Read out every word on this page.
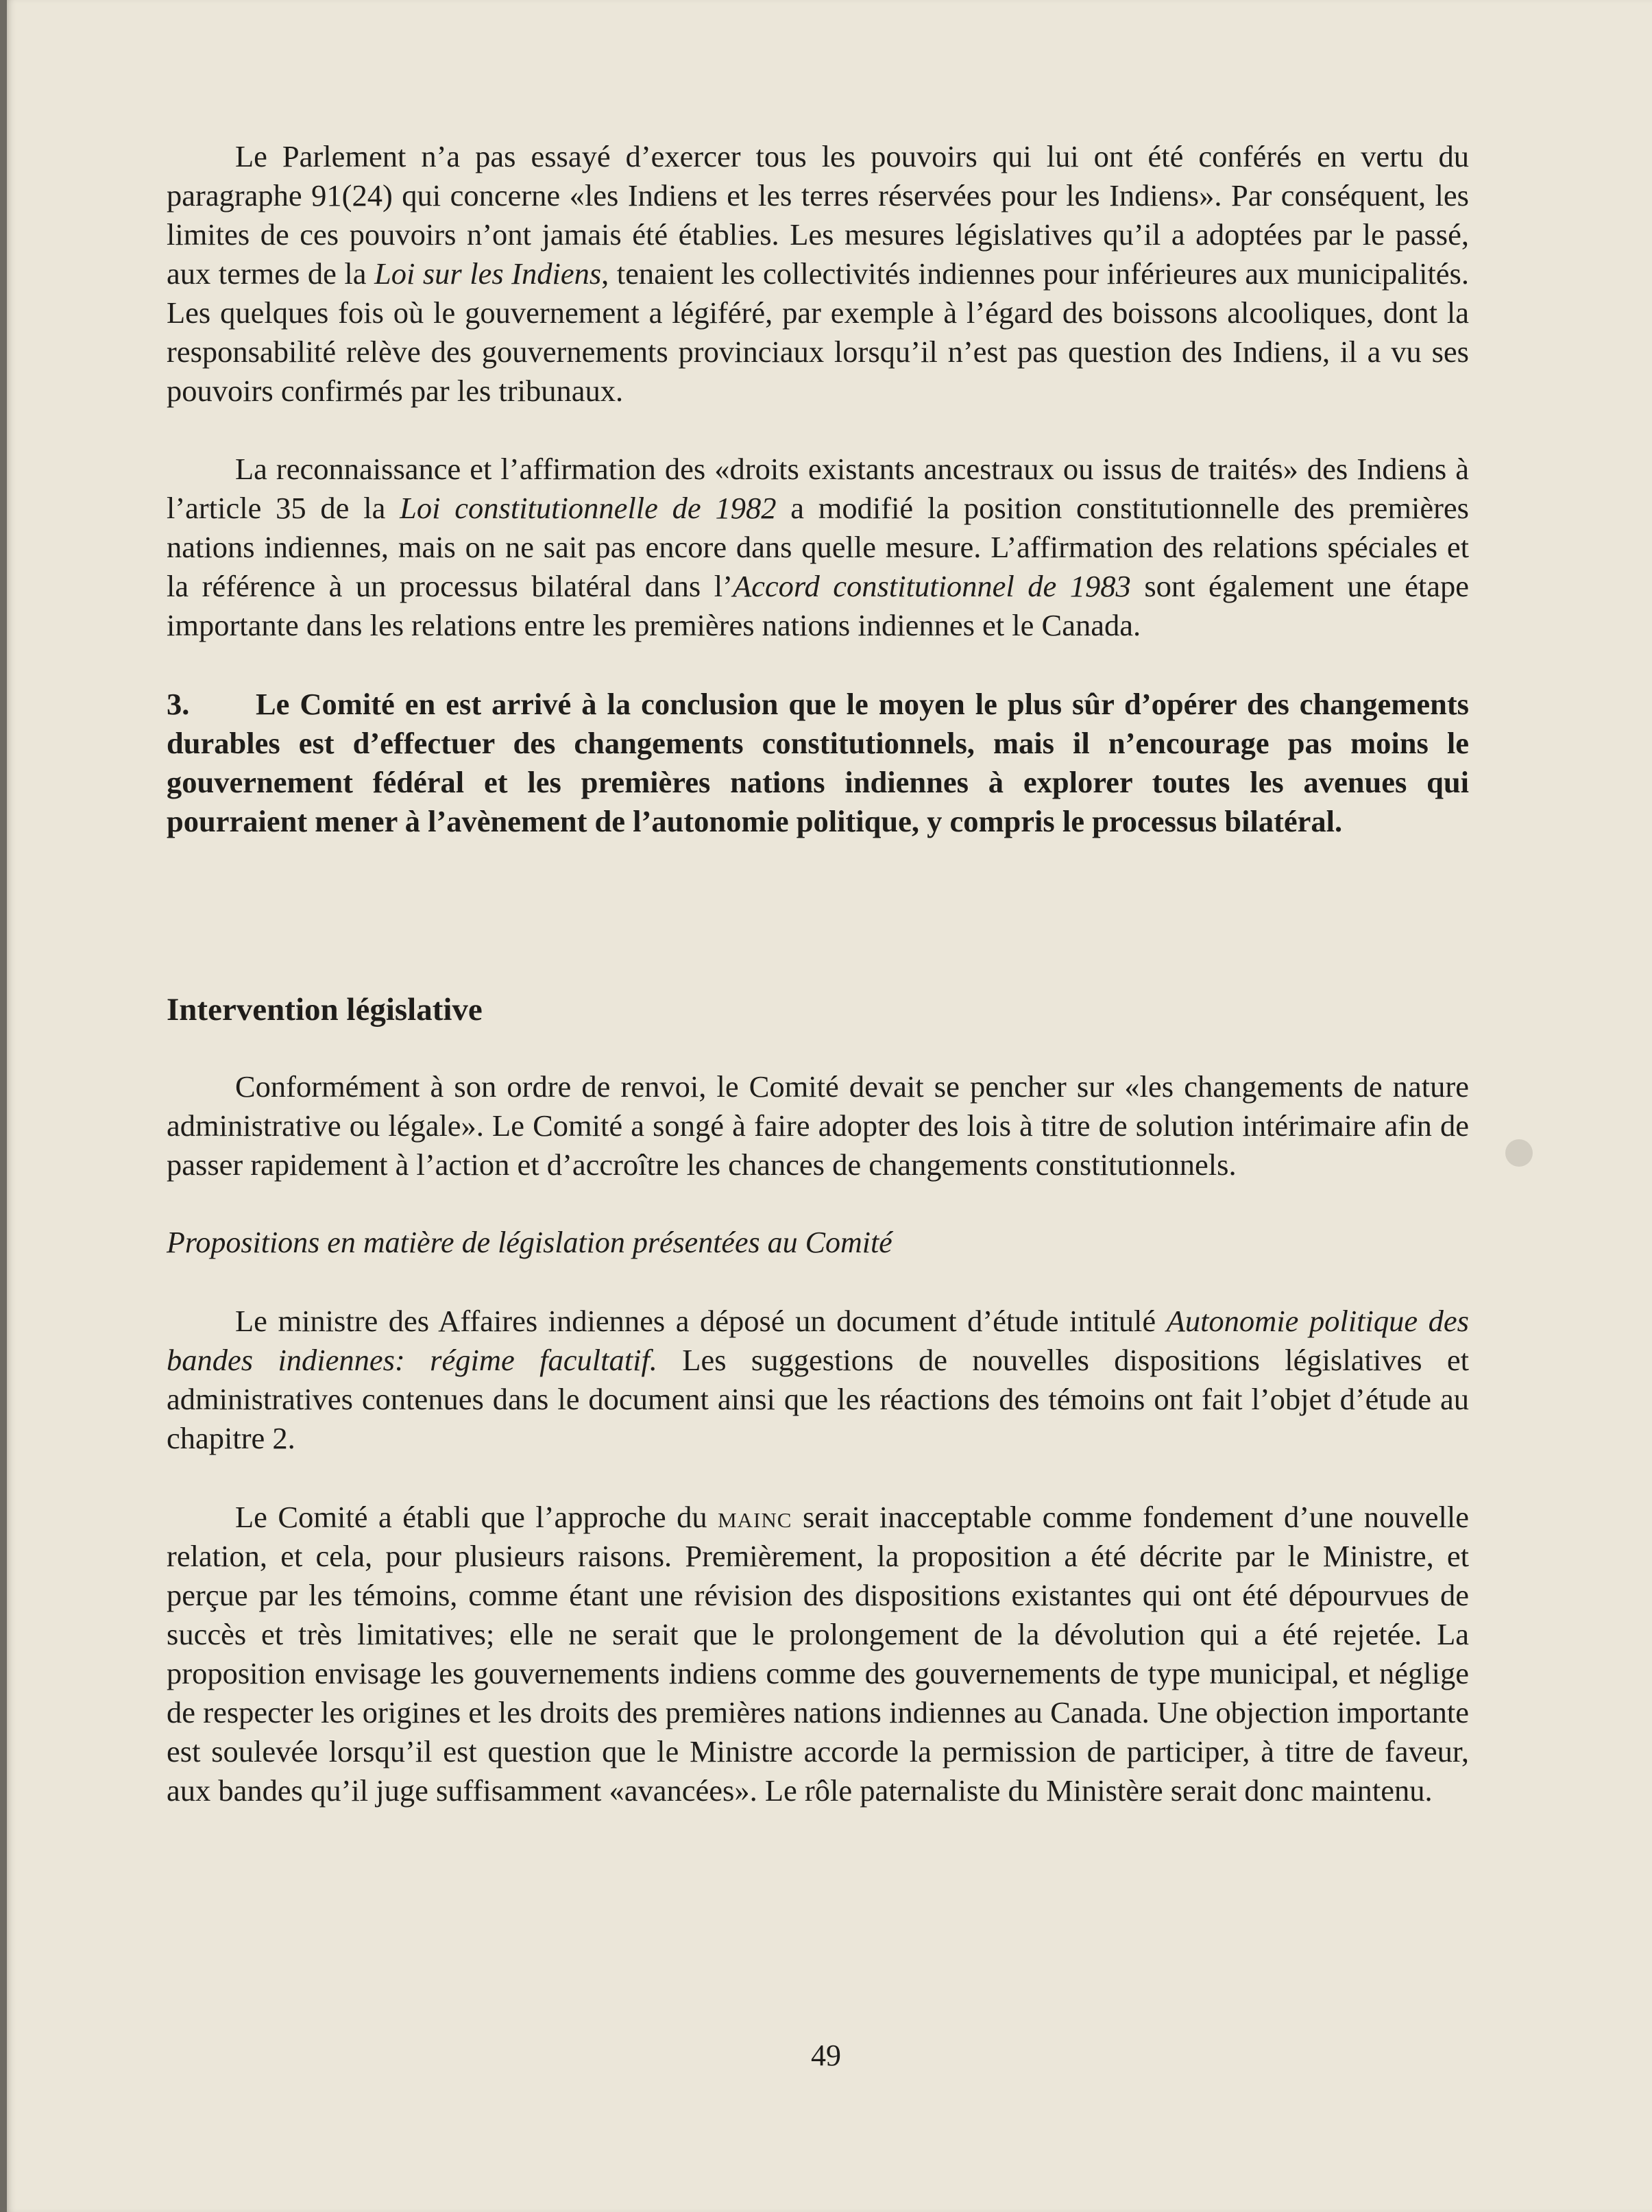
Le Parlement n’a pas essayé d’exercer tous les pouvoirs qui lui ont été conférés en vertu du paragraphe 91(24) qui concerne «les Indiens et les terres réservées pour les Indiens». Par conséquent, les limites de ces pouvoirs n’ont jamais été établies. Les mesures législatives qu’il a adoptées par le passé, aux termes de la Loi sur les Indiens, tenaient les collectivités indiennes pour inférieures aux municipalités. Les quelques fois où le gouvernement a légiféré, par exemple à l’égard des boissons alcooliques, dont la responsabilité relève des gouvernements provinciaux lorsqu’il n’est pas question des Indiens, il a vu ses pouvoirs confirmés par les tribunaux.

La reconnaissance et l’affirmation des «droits existants ancestraux ou issus de traités» des Indiens à l’article 35 de la Loi constitutionnelle de 1982 a modifié la position constitutionnelle des premières nations indiennes, mais on ne sait pas encore dans quelle mesure. L’affirmation des relations spéciales et la référence à un processus bilatéral dans l’Accord constitutionnel de 1983 sont également une étape importante dans les relations entre les premières nations indiennes et le Canada.

3. Le Comité en est arrivé à la conclusion que le moyen le plus sûr d’opérer des changements durables est d’effectuer des changements constitutionnels, mais il n’encourage pas moins le gouvernement fédéral et les premières nations indiennes à explorer toutes les avenues qui pourraient mener à l’avènement de l’autonomie politique, y compris le processus bilatéral.

Intervention législative

Conformément à son ordre de renvoi, le Comité devait se pencher sur «les changements de nature administrative ou légale». Le Comité a songé à faire adopter des lois à titre de solution intérimaire afin de passer rapidement à l’action et d’accroître les chances de changements constitutionnels.

Propositions en matière de législation présentées au Comité

Le ministre des Affaires indiennes a déposé un document d’étude intitulé Autonomie politique des bandes indiennes: régime facultatif. Les suggestions de nouvelles dispositions législatives et administratives contenues dans le document ainsi que les réactions des témoins ont fait l’objet d’étude au chapitre 2.

Le Comité a établi que l’approche du mainc serait inacceptable comme fondement d’une nouvelle relation, et cela, pour plusieurs raisons. Premièrement, la proposition a été décrite par le Ministre, et perçue par les témoins, comme étant une révision des dispositions existantes qui ont été dépourvues de succès et très limitatives; elle ne serait que le prolongement de la dévolution qui a été rejetée. La proposition envisage les gouvernements indiens comme des gouvernements de type municipal, et néglige de respecter les origines et les droits des premières nations indiennes au Canada. Une objection importante est soulevée lorsqu’il est question que le Ministre accorde la permission de participer, à titre de faveur, aux bandes qu’il juge suffisamment «avancées». Le rôle paternaliste du Ministère serait donc maintenu.

49
